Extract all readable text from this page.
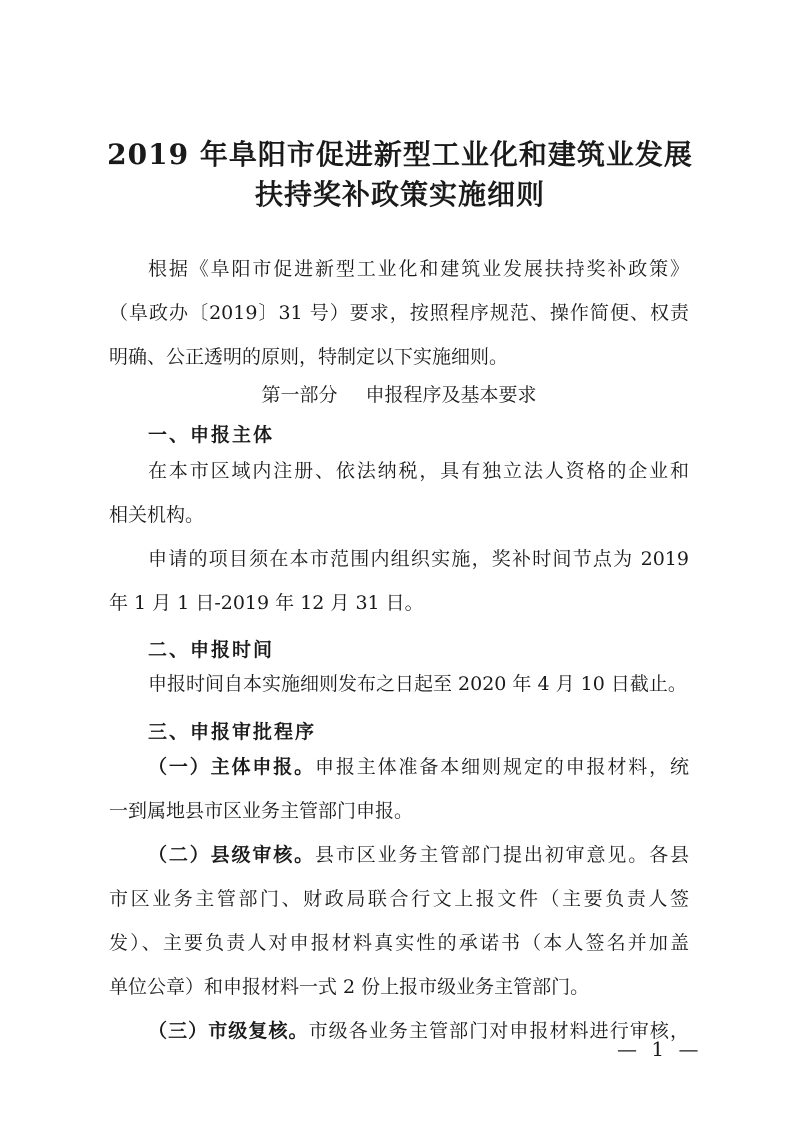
2019 年阜阳市促进新型工业化和建筑业发展
扶持奖补政策实施细则
根据《阜阳市促进新型工业化和建筑业发展扶持奖补政策》
（阜政办〔2019〕31 号）要求，按照程序规范、操作简便、权责
明确、公正透明的原则，特制定以下实施细则。
第一部分 申报程序及基本要求
一、申报主体
在本市区域内注册、依法纳税，具有独立法人资格的企业和
相关机构。
申请的项目须在本市范围内组织实施，奖补时间节点为 2019
年 1 月 1 日-2019 年 12 月 31 日。
二、申报时间
申报时间自本实施细则发布之日起至 2020 年 4 月 10 日截止。
三、申报审批程序
（一）主体申报。申报主体准备本细则规定的申报材料，统
一到属地县市区业务主管部门申报。
（二）县级审核。县市区业务主管部门提出初审意见。各县
市区业务主管部门、财政局联合行文上报文件（主要负责人签
发）、主要负责人对申报材料真实性的承诺书（本人签名并加盖
单位公章）和申报材料一式 2 份上报市级业务主管部门。
（三）市级复核。市级各业务主管部门对申报材料进行审核，
— 1 —
